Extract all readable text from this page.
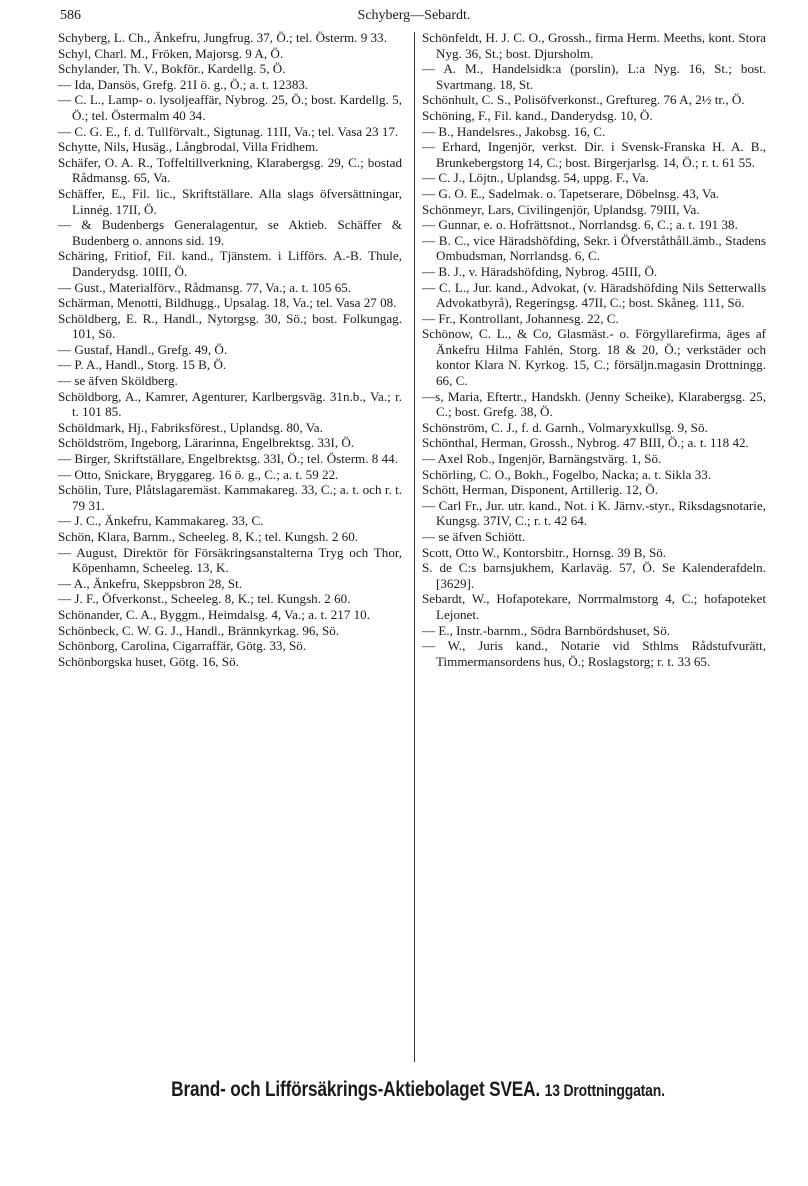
586	Schyberg—Sebardt.
Schyberg, L. Ch., Änkefru, Jungfrug. 37, Ö.; tel. Österm. 9 33.
Schyl, Charl. M., Fröken, Majorsg. 9 A, Ö.
Schylander, Th. V., Bokför., Kardellg. 5, Ö.
— Ida, Dansös, Grefg. 21I ö. g., Ö.; a. t. 12383.
— C. L., Lamp- o. lysoljeaffär, Nybrog. 25, Ö.; bost. Kardellg. 5, Ö.; tel. Östermalm 40 34.
— C. G. E., f. d. Tullförvalt., Sigtunag. 11II, Va.; tel. Vasa 23 17.
Schytte, Nils, Husäg., Långbrodal, Villa Fridhem.
Schäfer, O. A. R., Toffeltillverkning, Klarabergsg. 29, C.; bostad Rådmansg. 65, Va.
Schäffer, E., Fil. lic., Skriftställare. Alla slags öfversättningar, Linnég. 17II, Ö.
— & Budenbergs Generalagentur, se Aktieb. Schäffer & Budenberg o. annons sid. 19.
Schäring, Fritiof, Fil. kand., Tjänstem. i Lifförs. A.-B. Thule, Danderydsg. 10III, Ö.
— Gust., Materialförv., Rådmansg. 77, Va.; a. t. 105 65.
Schärman, Menotti, Bildhugg., Upsalag. 18, Va.; tel. Vasa 27 08.
Schöldberg, E. R., Handl., Nytorgsg. 30, Sö.; bost. Folkungag. 101, Sö.
— Gustaf, Handl., Grefg. 49, Ö.
— P. A., Handl., Storg. 15 B, Ö.
— se äfven Sköldberg.
Schöldborg, A., Kamrer, Agenturer, Karlbergsväg. 31n.b., Va.; r. t. 101 85.
Schöldmark, Hj., Fabriksförest., Uplandsg. 80, Va.
Schöldström, Ingeborg, Lärarinna, Engelbrektsg. 33I, Ö.
— Birger, Skriftställare, Engelbrektsg. 33I, Ö.; tel. Österm. 8 44.
— Otto, Snickare, Bryggareg. 16 ö. g., C.; a. t. 59 22.
Schölin, Ture, Plåtslagaremäst. Kammakareg. 33, C.; a. t. och r. t. 79 31.
— J. C., Änkefru, Kammakareg. 33, C.
Schön, Klara, Barnm., Scheeleg. 8, K.; tel. Kungsh. 2 60.
— August, Direktör för Försäkringsanstalterna Tryg och Thor, Köpenhamn, Scheeleg. 13, K.
— A., Änkefru, Skeppsbron 28, St.
— J. F., Öfverkonst., Scheeleg. 8, K.; tel. Kungsh. 2 60.
Schönander, C. A., Byggm., Heimdalsg. 4, Va.; a. t. 217 10.
Schönbeck, C. W. G. J., Handl., Brännkyrkag. 96, Sö.
Schönborg, Carolina, Cigarraffär, Götg. 33, Sö.
Schönborgska huset, Götg. 16, Sö.
Schönfeldt, H. J. C. O., Grossh., firma Herm. Meeths, kont. Stora Nyg. 36, St.; bost. Djursholm.
— A. M., Handelsidk:a (porslin), L:a Nyg. 16, St.; bost. Svartmang. 18, St.
Schönhult, C. S., Polisöfverkonst., Greftureg. 76 A, 2½ tr., Ö.
Schöning, F., Fil. kand., Danderydsg. 10, Ö.
— B., Handelsres., Jakobsg. 16, C.
— Erhard, Ingenjör, verkst. Dir. i Svensk-Franska H. A. B., Brunkebergstorg 14, C.; bost. Birgerjarlsg. 14, Ö.; r. t. 61 55.
— C. J., Löjtn., Uplandsg. 54, uppg. F., Va.
— G. O. E., Sadelmak. o. Tapetserare, Döbelnsg. 43, Va.
Schönmeyr, Lars, Civilingenjör, Uplandsg. 79III, Va.
— Gunnar, e. o. Hofrättsnot., Norrlandsg. 6, C.; a. t. 191 38.
— B. C., vice Häradshöfding, Sekr. i Öfverståthåll.ämb., Stadens Ombudsman, Norrlandsg. 6, C.
— B. J., v. Häradshöfding, Nybrog. 45III, Ö.
— C. L., Jur. kand., Advokat, (v. Häradshöfding Nils Setterwalls Advokatbyrå), Regeringsg. 47II, C.; bost. Skåneg. 111, Sö.
— Fr., Kontrollant, Johannesg. 22, C.
Schönow, C. L., & Co, Glasmäst.- o. Förgyllarefirma, äges af Änkefru Hilma Fahlén, Storg. 18 & 20, Ö.; verkstäder och kontor Klara N. Kyrkog. 15, C.; försäljn.magasin Drottningg. 66, C.
—s, Maria, Eftertr., Handskh. (Jenny Scheike), Klarabergsg. 25, C.; bost. Grefg. 38, Ö.
Schönström, C. J., f. d. Garnh., Volmaryxkullsg. 9, Sö.
Schönthal, Herman, Grossh., Nybrog. 47 BIII, Ö.; a. t. 118 42.
— Axel Rob., Ingenjör, Barnängstvärg. 1, Sö.
Schörling, C. O., Bokh., Fogelbo, Nacka; a. t. Sikla 33.
Schött, Herman, Disponent, Artillerig. 12, Ö.
— Carl Fr., Jur. utr. kand., Not. i K. Järnv.-styr., Riksdagsnotarie, Kungsg. 37IV, C.; r. t. 42 64.
— se äfven Schiött.
Scott, Otto W., Kontorsbitr., Hornsg. 39 B, Sö.
S. de C:s barnsjukhem, Karlaväg. 57, Ö. Se Kalenderafdeln. [3629].
Sebardt, W., Hofapotekare, Norrmalmstorg 4, C.; hofapoteket Lejonet.
— E., Instr.-barnm., Södra Barnbördshuset, Sö.
— W., Juris kand., Notarie vid Sthlms Rådstufvurätt, Timmermansordens hus, Ö.; Roslagstorg; r. t. 33 65.
Brand- och Lifförsäkrings-Aktiebolaget SVEA. 13 Drottninggatan.
